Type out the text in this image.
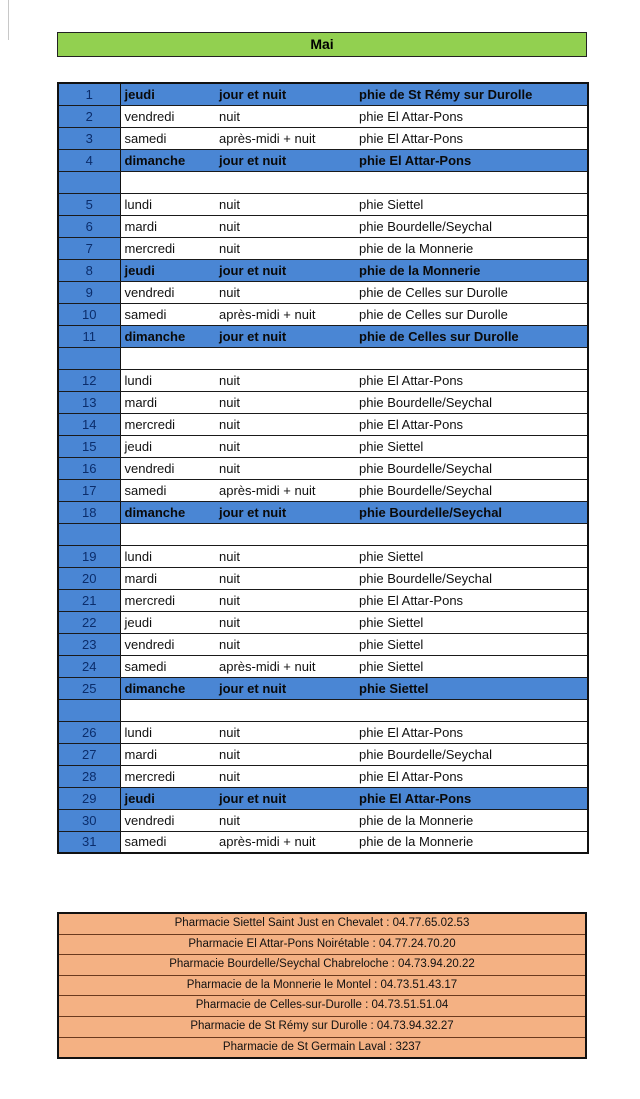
Mai
1	jeudi	jour et nuit	phie de St Rémy sur Durolle
2	vendredi	nuit	phie El Attar-Pons
3	samedi	après-midi + nuit	phie El Attar-Pons
4	dimanche	jour et nuit	phie El Attar-Pons

5	lundi	nuit	phie Siettel
6	mardi	nuit	phie Bourdelle/Seychal
7	mercredi	nuit	phie de la Monnerie
8	jeudi	jour et nuit	phie de la Monnerie
9	vendredi	nuit	phie de Celles sur Durolle
10	samedi	après-midi + nuit	phie de Celles sur Durolle
11	dimanche	jour et nuit	phie de Celles sur Durolle

12	lundi	nuit	phie El Attar-Pons
13	mardi	nuit	phie Bourdelle/Seychal
14	mercredi	nuit	phie El Attar-Pons
15	jeudi	nuit	phie Siettel
16	vendredi	nuit	phie Bourdelle/Seychal
17	samedi	après-midi + nuit	phie Bourdelle/Seychal
18	dimanche	jour et nuit	phie Bourdelle/Seychal

19	lundi	nuit	phie Siettel
20	mardi	nuit	phie Bourdelle/Seychal
21	mercredi	nuit	phie El Attar-Pons
22	jeudi	nuit	phie Siettel
23	vendredi	nuit	phie Siettel
24	samedi	après-midi + nuit	phie Siettel
25	dimanche	jour et nuit	phie Siettel

26	lundi	nuit	phie El Attar-Pons
27	mardi	nuit	phie Bourdelle/Seychal
28	mercredi	nuit	phie El Attar-Pons
29	jeudi	jour et nuit	phie El Attar-Pons
30	vendredi	nuit	phie de la Monnerie
31	samedi	après-midi + nuit	phie de la Monnerie
Pharmacie Siettel Saint Just en Chevalet : 04.77.65.02.53
Pharmacie El Attar-Pons Noirétable : 04.77.24.70.20
Pharmacie Bourdelle/Seychal Chabreloche : 04.73.94.20.22
Pharmacie de la Monnerie le Montel : 04.73.51.43.17
Pharmacie de Celles-sur-Durolle : 04.73.51.51.04
Pharmacie de St Rémy sur Durolle : 04.73.94.32.27
Pharmacie de St Germain Laval : 3237
